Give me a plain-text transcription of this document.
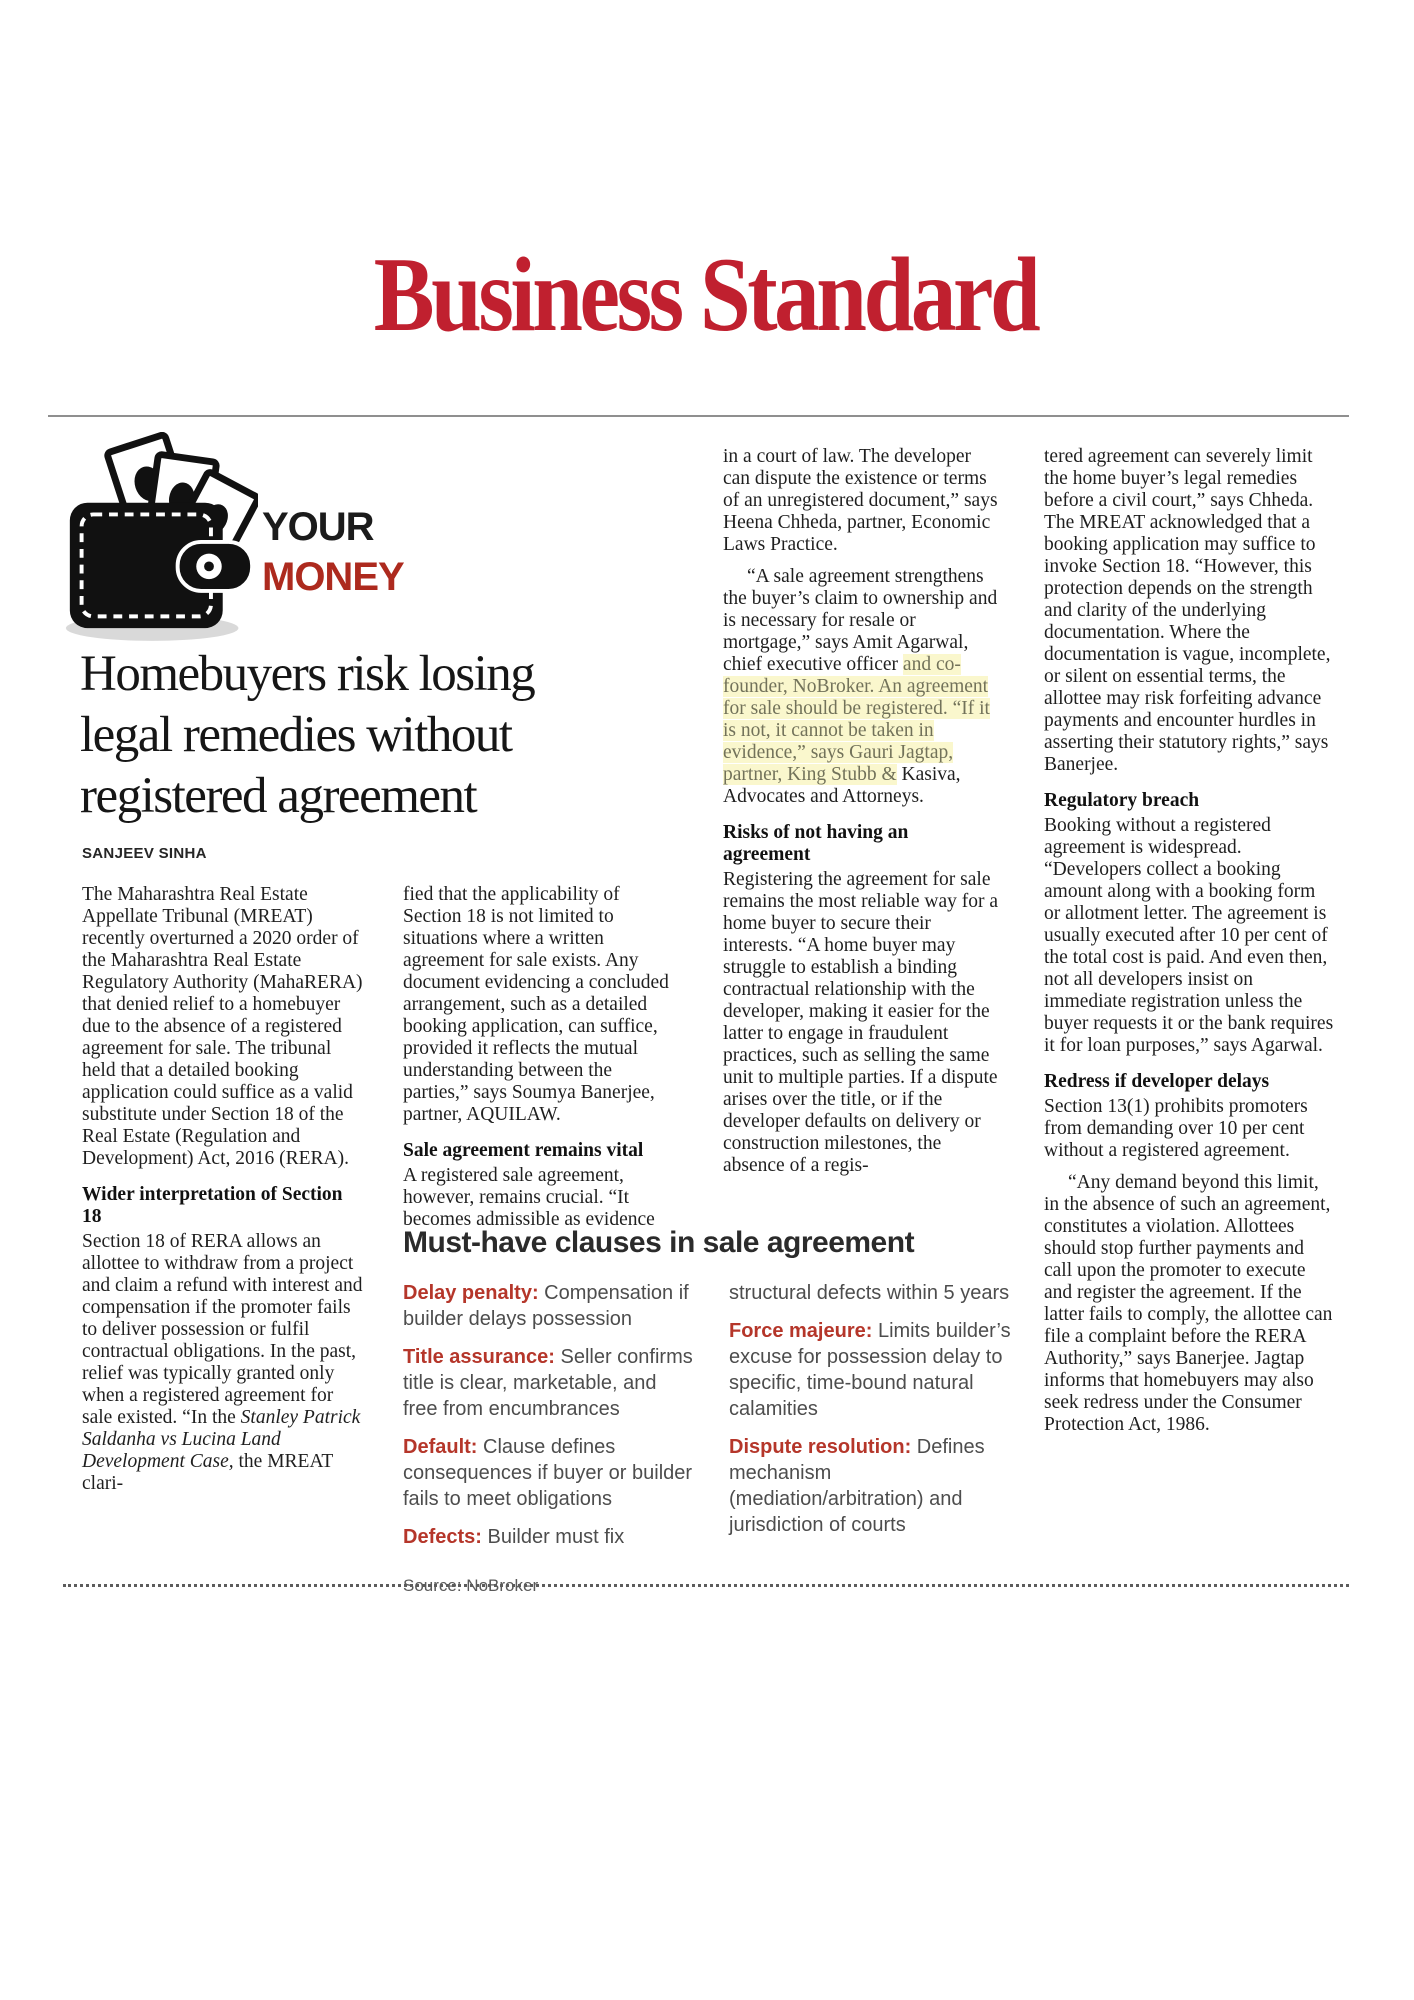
Business Standard
YOUR
MONEY
Homebuyers risk losing
legal remedies without
registered agreement
SANJEEV SINHA

The Maharashtra Real Estate Appellate Tribunal (MREAT) recently overturned a 2020 order of the Maharashtra Real Estate Regulatory Authority (MahaRERA) that denied relief to a homebuyer due to the absence of a registered agreement for sale. The tribunal held that a detailed booking application could suffice as a valid substitute under Section 18 of the Real Estate (Regulation and Development) Act, 2016 (RERA).

Wider interpretation of Section 18

Section 18 of RERA allows an allottee to withdraw from a project and claim a refund with interest and compensation if the promoter fails to deliver possession or fulfil contractual obligations. In the past, relief was typically granted only when a registered agreement for sale existed. “In the Stanley Patrick Saldanha vs Lucina Land Development Case, the MREAT clari-

fied that the applicability of Section 18 is not limited to situations where a written agreement for sale exists. Any document evidencing a concluded arrangement, such as a detailed booking application, can suffice, provided it reflects the mutual understanding between the parties,” says Soumya Banerjee, partner, AQUILAW.

Sale agreement remains vital

A registered sale agreement, however, remains crucial. “It becomes admissible as evidence

in a court of law. The developer can dispute the existence or terms of an unregistered document,” says Heena Chheda, partner, Economic Laws Practice.

“A sale agreement strengthens the buyer’s claim to ownership and is necessary for resale or mortgage,” says Amit Agarwal, chief executive officer and co-founder, NoBroker. An agreement for sale should be registered. “If it is not, it cannot be taken in evidence,” says Gauri Jagtap, partner, King Stubb & Kasiva, Advocates and Attorneys.

Risks of not having an agreement

Registering the agreement for sale remains the most reliable way for a home buyer to secure their interests. “A home buyer may struggle to establish a binding contractual relationship with the developer, making it easier for the latter to engage in fraudulent practices, such as selling the same unit to multiple parties. If a dispute arises over the title, or if the developer defaults on delivery or construction milestones, the absence of a regis-

tered agreement can severely limit the home buyer’s legal remedies before a civil court,” says Chheda. The MREAT acknowledged that a booking application may suffice to invoke Section 18. “However, this protection depends on the strength and clarity of the underlying documentation. Where the documentation is vague, incomplete, or silent on essential terms, the allottee may risk forfeiting advance payments and encounter hurdles in asserting their statutory rights,” says Banerjee.

Regulatory breach

Booking without a registered agreement is widespread. “Developers collect a booking amount along with a booking form or allotment letter. The agreement is usually executed after 10 per cent of the total cost is paid. And even then, not all developers insist on immediate registration unless the buyer requests it or the bank requires it for loan purposes,” says Agarwal.

Redress if developer delays

Section 13(1) prohibits promoters from demanding over 10 per cent without a registered agreement.

“Any demand beyond this limit, in the absence of such an agreement, constitutes a violation. Allottees should stop further payments and call upon the promoter to execute and register the agreement. If the latter fails to comply, the allottee can file a complaint before the RERA Authority,” says Banerjee. Jagtap informs that homebuyers may also seek redress under the Consumer Protection Act, 1986.

Must-have clauses in sale agreement

Delay penalty: Compensation if builder delays possession

Title assurance: Seller confirms title is clear, marketable, and free from encumbrances

Default: Clause defines consequences if buyer or builder fails to meet obligations

Defects: Builder must fix

structural defects within 5 years

Force majeure: Limits builder’s excuse for possession delay to specific, time-bound natural calamities

Dispute resolution: Defines mechanism (mediation/arbitration) and jurisdiction of courts

Source: NoBroker
